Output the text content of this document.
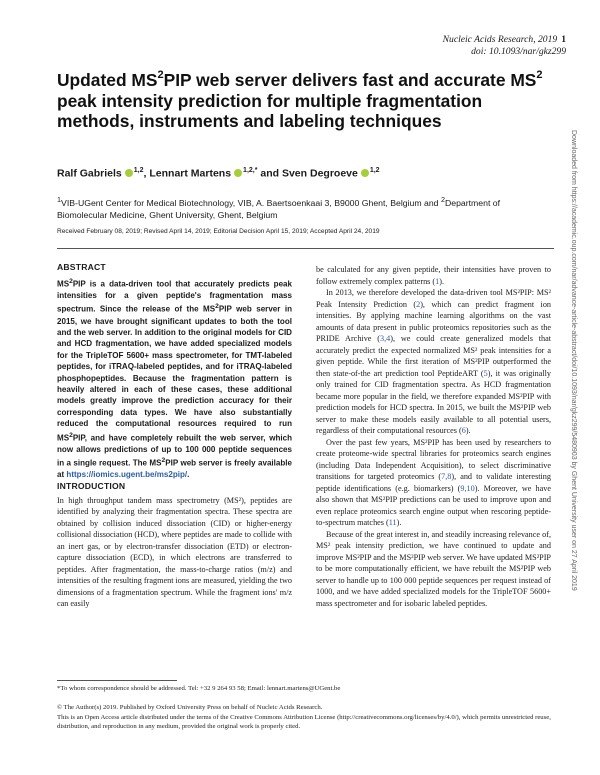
Nucleic Acids Research, 2019 1
doi: 10.1093/nar/gkz299
Updated $MS^2PIP$ web server delivers fast and accurate $MS^2$ peak intensity prediction for multiple fragmentation methods, instruments and labeling techniques
Ralf Gabriels $^{1,2}$, Lennart Martens $^{1,2,*}$ and Sven Degroeve $^{1,2}$
$^1$VIB-UGent Center for Medical Biotechnology, VIB, A. Baertsoenkaai 3, B9000 Ghent, Belgium and $^2$Department of Biomolecular Medicine, Ghent University, Ghent, Belgium
Received February 08, 2019; Revised April 14, 2019; Editorial Decision April 15, 2019; Accepted April 24, 2019
ABSTRACT

$MS^2PIP$ is a data-driven tool that accurately predicts peak intensities for a given peptide's fragmentation mass spectrum. Since the release of the $MS^2PIP$ web server in 2015, we have brought significant updates to both the tool and the web server. In addition to the original models for CID and HCD fragmentation, we have added specialized models for the TripleTOF 5600+ mass spectrometer, for TMT-labeled peptides, for iTRAQ-labeled peptides, and for iTRAQ-labeled phosphopeptides. Because the fragmentation pattern is heavily altered in each of these cases, these additional models greatly improve the prediction accuracy for their corresponding data types. We have also substantially reduced the computational resources required to run $MS^2PIP$, and have completely rebuilt the web server, which now allows predictions of up to 100 000 peptide sequences in a single request. The $MS^2PIP$ web server is freely available at https://iomics.ugent.be/ms2pip/.

INTRODUCTION

In high throughput tandem mass spectrometry (MS²), peptides are identified by analyzing their fragmentation spectra. These spectra are obtained by collision induced dissociation (CID) or higher-energy collisional dissociation (HCD), where peptides are made to collide with an inert gas, or by electron-transfer dissociation (ETD) or electron-capture dissociation (ECD), in which electrons are transferred to peptides. After fragmentation, the mass-to-charge ratios (m/z) and intensities of the resulting fragment ions are measured, yielding the two dimensions of a fragmentation spectrum. While the fragment ions' m/z can easily

be calculated for any given peptide, their intensities have proven to follow extremely complex patterns (1).

In 2013, we therefore developed the data-driven tool MS²PIP: MS² Peak Intensity Prediction (2), which can predict fragment ion intensities. By applying machine learning algorithms on the vast amounts of data present in public proteomics repositories such as the PRIDE Archive (3,4), we could create generalized models that accurately predict the expected normalized MS² peak intensities for a given peptide. While the first iteration of MS²PIP outperformed the then state-of-the art prediction tool PeptideART (5), it was originally only trained for CID fragmentation spectra. As HCD fragmentation became more popular in the field, we therefore expanded MS²PIP with prediction models for HCD spectra. In 2015, we built the MS²PIP web server to make these models easily available to all potential users, regardless of their computational resources (6).

Over the past few years, MS²PIP has been used by researchers to create proteome-wide spectral libraries for proteomics search engines (including Data Independent Acquisition), to select discriminative transitions for targeted proteomics (7,8), and to validate interesting peptide identifications (e.g. biomarkers) (9,10). Moreover, we have also shown that MS²PIP predictions can be used to improve upon and even replace proteomics search engine output when rescoring peptide-to-spectrum matches (11).

Because of the great interest in, and steadily increasing relevance of, MS² peak intensity prediction, we have continued to update and improve MS²PIP and the MS²PIP web server. We have updated MS²PIP to be more computationally efficient, we have rebuilt the MS²PIP web server to handle up to 100 000 peptide sequences per request instead of 1000, and we have added specialized models for the TripleTOF 5600+ mass spectrometer and for isobaric labeled peptides.

*To whom correspondence should be addressed. Tel: +32 9 264 93 58; Email: lennart.martens@UGent.be
© The Author(s) 2019. Published by Oxford University Press on behalf of Nucleic Acids Research.
This is an Open Access article distributed under the terms of the Creative Commons Attribution License (http://creativecommons.org/licenses/by/4.0/), which permits unrestricted reuse, distribution, and reproduction in any medium, provided the original work is properly cited.
Downloaded from https://academic.oup.com/nar/advance-article-abstract/doi/10.1093/nar/gkz299/5480903 by Ghent University user on 27 April 2019
